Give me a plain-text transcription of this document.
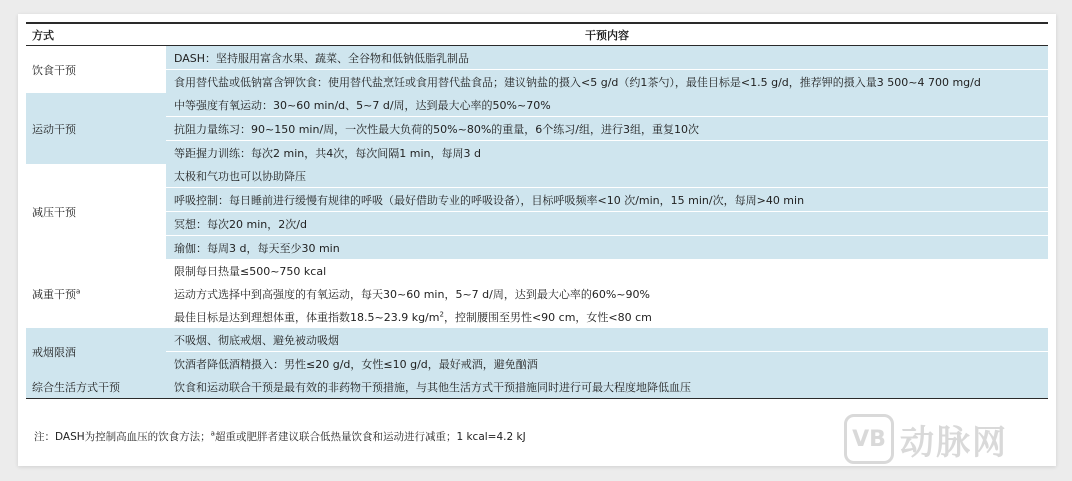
方式	干预内容
饮食干预	DASH：坚持服用富含水果、蔬菜、全谷物和低钠低脂乳制品
	食用替代盐或低钠富含钾饮食：使用替代盐烹饪或食用替代盐食品；建议钠盐的摄入<5 g/d（约1茶勺），最佳目标是<1.5 g/d，推荐钾的摄入量3 500~4 700 mg/d
运动干预	中等强度有氧运动：30~60 min/d、5~7 d/周，达到最大心率的50%~70%
	抗阻力量练习：90~150 min/周，一次性最大负荷的50%~80%的重量，6个练习/组，进行3组，重复10次
	等距握力训练：每次2 min，共4次，每次间隔1 min，每周3 d
减压干预	太极和气功也可以协助降压
	呼吸控制：每日睡前进行缓慢有规律的呼吸（最好借助专业的呼吸设备），目标呼吸频率<10 次/min，15 min/次，每周>40 min
	冥想：每次20 min，2次/d
	瑜伽：每周3 d，每天至少30 min
减重干预$^a$	限制每日热量≤500~750 kcal
	运动方式选择中到高强度的有氧运动，每天30~60 min，5~7 d/周，达到最大心率的60%~90%
	最佳目标是达到理想体重，体重指数18.5~23.9 $kg/m^2$，控制腰围至男性<90 cm，女性<80 cm
戒烟限酒	不吸烟、彻底戒烟、避免被动吸烟
	饮酒者降低酒精摄入：男性≤20 g/d，女性≤10 g/d，最好戒酒，避免酗酒
综合生活方式干预	饮食和运动联合干预是最有效的非药物干预措施，与其他生活方式干预措施同时进行可最大程度地降低血压
注：DASH为控制高血压的饮食方法；$^a$超重或肥胖者建议联合低热量饮食和运动进行减重；1 kcal=4.2 kJ	VB 动脉网
